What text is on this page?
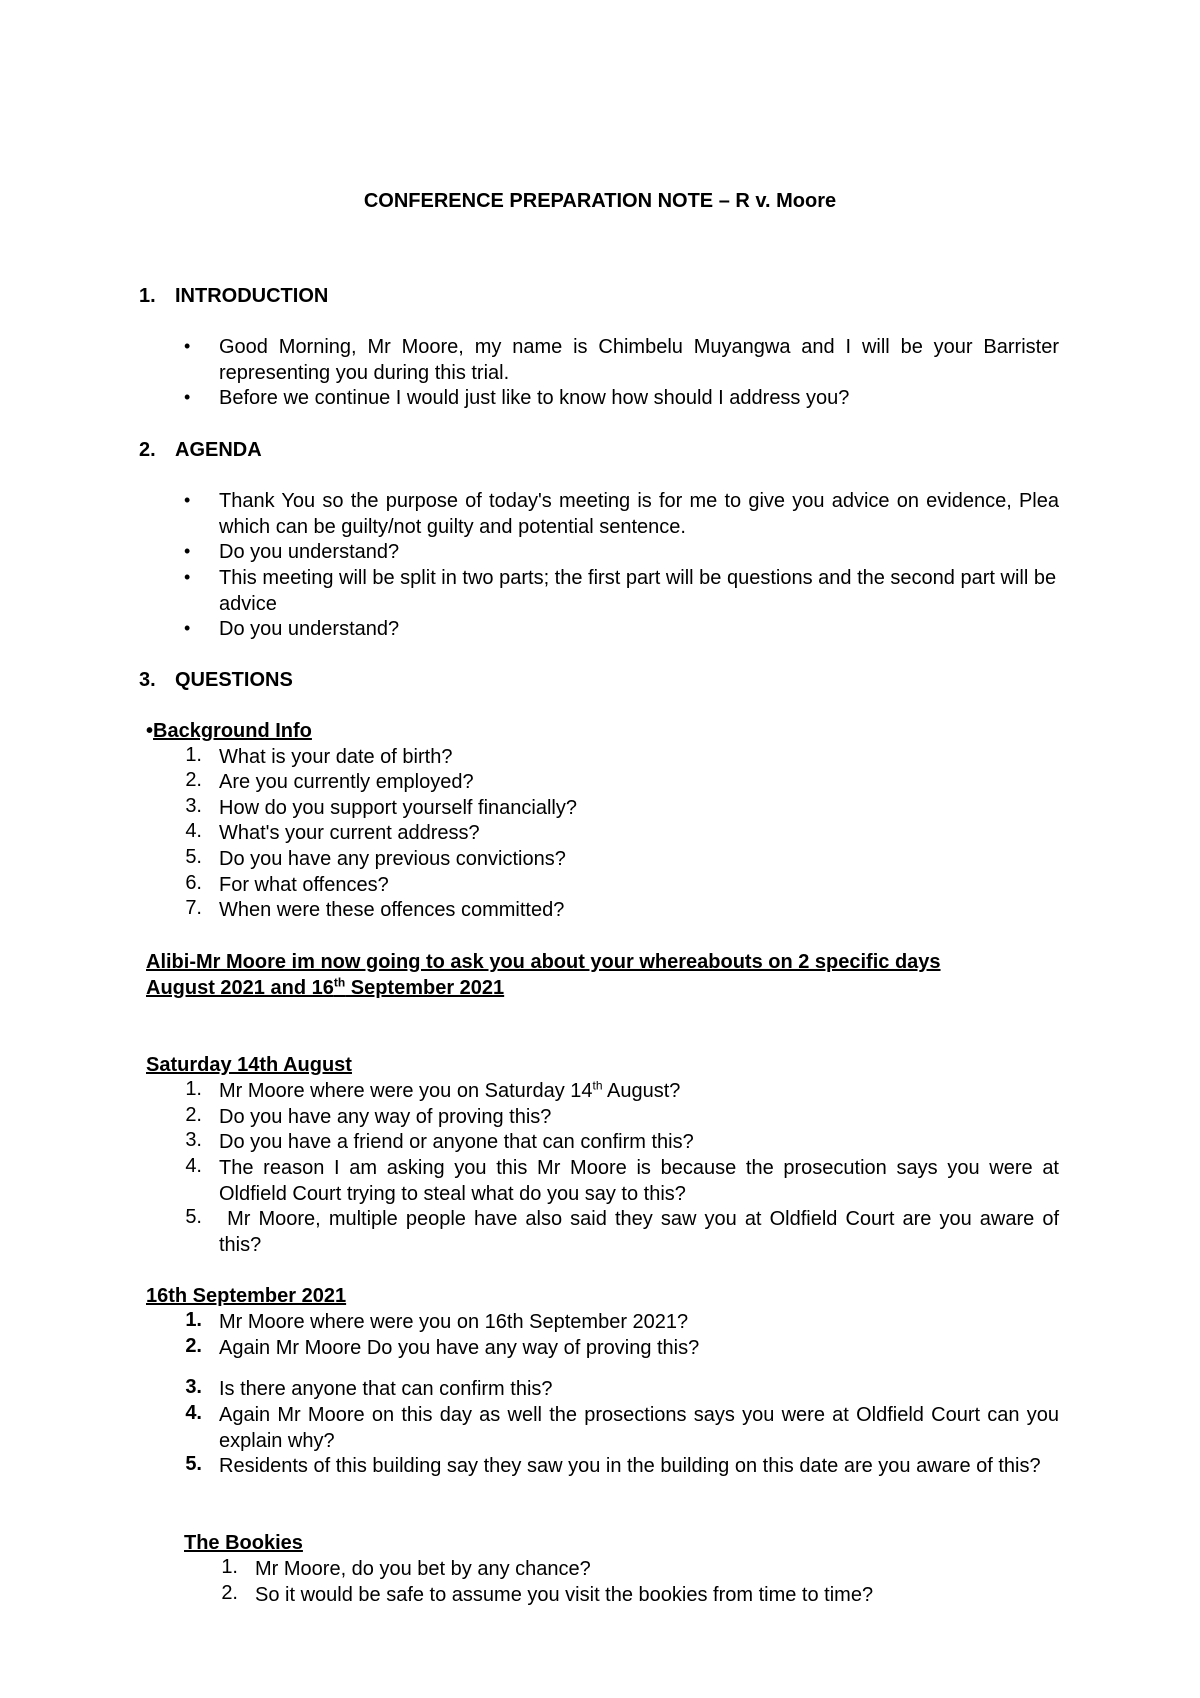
CONFERENCE PREPARATION NOTE – R v. Moore
1. INTRODUCTION
• Good Morning, Mr Moore, my name is Chimbelu Muyangwa and I will be your Barrister representing you during this trial.
• Before we continue I would just like to know how should I address you?
2. AGENDA
• Thank You so the purpose of today's meeting is for me to give you advice on evidence, Plea which can be guilty/not guilty and potential sentence.
• Do you understand?
• This meeting will be split in two parts; the first part will be questions and the second part will be advice
• Do you understand?
3. QUESTIONS
•Background Info
1. What is your date of birth?
2. Are you currently employed?
3. How do you support yourself financially?
4. What's your current address?
5. Do you have any previous convictions?
6. For what offences?
7. When were these offences committed?
Alibi-Mr Moore im now going to ask you about your whereabouts on 2 specific days
August 2021 and 16th September 2021
Saturday 14th August
1. Mr Moore where were you on Saturday 14th August?
2. Do you have any way of proving this?
3. Do you have a friend or anyone that can confirm this?
4. The reason I am asking you this Mr Moore is because the prosecution says you were at Oldfield Court trying to steal what do you say to this?
5. Mr Moore, multiple people have also said they saw you at Oldfield Court are you aware of this?
16th September 2021
1. Mr Moore where were you on 16th September 2021?
2. Again Mr Moore Do you have any way of proving this?
3. Is there anyone that can confirm this?
4. Again Mr Moore on this day as well the prosections says you were at Oldfield Court can you explain why?
5. Residents of this building say they saw you in the building on this date are you aware of this?
The Bookies
1. Mr Moore, do you bet by any chance?
2. So it would be safe to assume you visit the bookies from time to time?
